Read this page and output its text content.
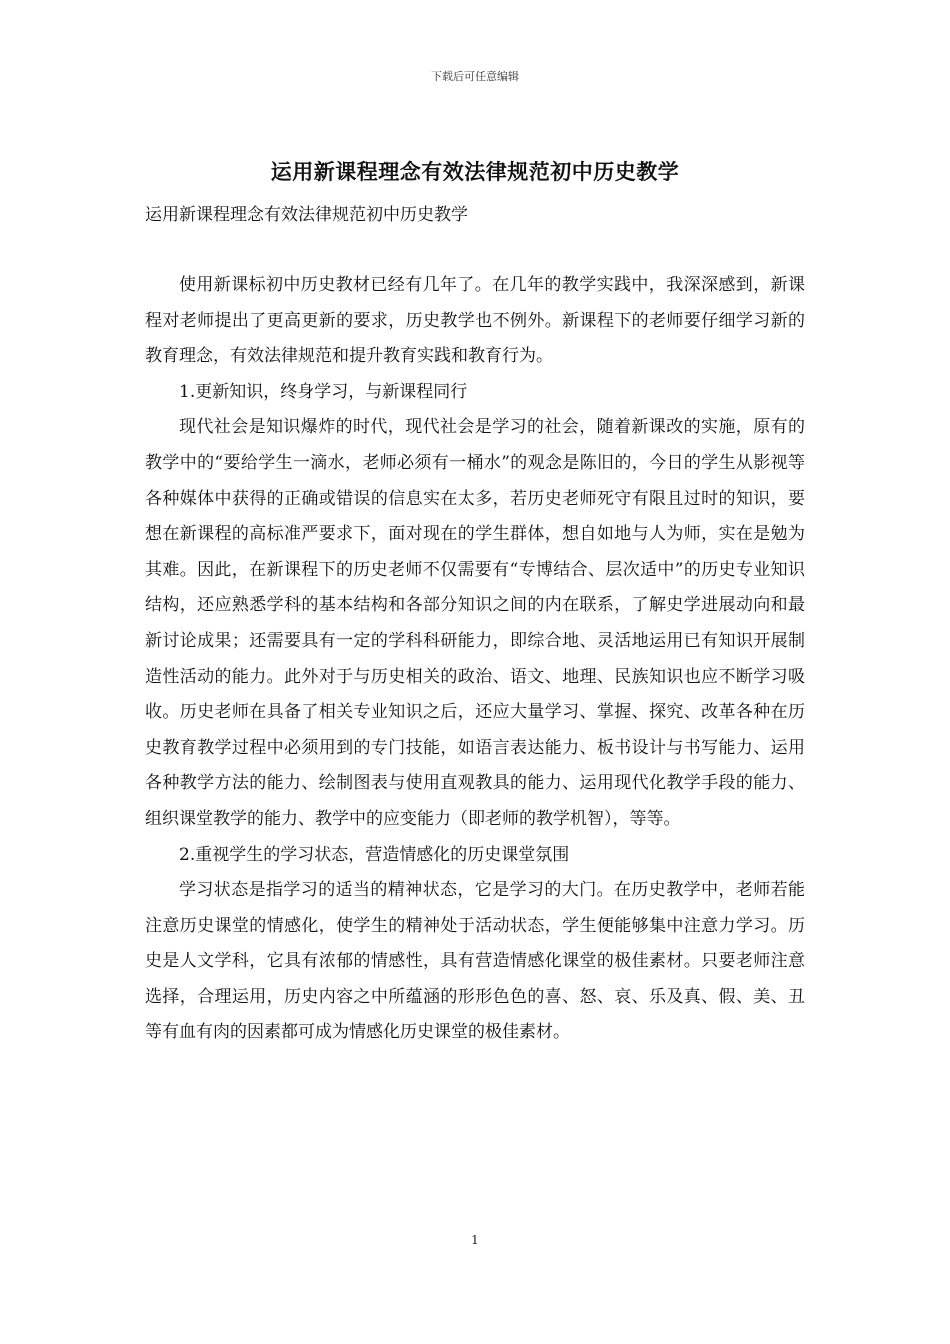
下载后可任意编辑
运用新课程理念有效法律规范初中历史教学

运用新课程理念有效法律规范初中历史教学

使用新课标初中历史教材已经有几年了。在几年的教学实践中，我深深感到，新课程对老师提出了更高更新的要求，历史教学也不例外。新课程下的老师要仔细学习新的教育理念，有效法律规范和提升教育实践和教育行为。

1.更新知识，终身学习，与新课程同行

现代社会是知识爆炸的时代，现代社会是学习的社会，随着新课改的实施，原有的教学中的“要给学生一滴水，老师必须有一桶水”的观念是陈旧的，今日的学生从影视等各种媒体中获得的正确或错误的信息实在太多，若历史老师死守有限且过时的知识，要想在新课程的高标准严要求下，面对现在的学生群体，想自如地与人为师，实在是勉为其难。因此，在新课程下的历史老师不仅需要有“专博结合、层次适中”的历史专业知识结构，还应熟悉学科的基本结构和各部分知识之间的内在联系，了解史学进展动向和最新讨论成果；还需要具有一定的学科科研能力，即综合地、灵活地运用已有知识开展制造性活动的能力。此外对于与历史相关的政治、语文、地理、民族知识也应不断学习吸收。历史老师在具备了相关专业知识之后，还应大量学习、掌握、探究、改革各种在历史教育教学过程中必须用到的专门技能，如语言表达能力、板书设计与书写能力、运用各种教学方法的能力、绘制图表与使用直观教具的能力、运用现代化教学手段的能力、组织课堂教学的能力、教学中的应变能力（即老师的教学机智），等等。

2.重视学生的学习状态，营造情感化的历史课堂氛围

学习状态是指学习的适当的精神状态，它是学习的大门。在历史教学中，老师若能注意历史课堂的情感化，使学生的精神处于活动状态，学生便能够集中注意力学习。历史是人文学科，它具有浓郁的情感性，具有营造情感化课堂的极佳素材。只要老师注意选择，合理运用，历史内容之中所蕴涵的形形色色的喜、怒、哀、乐及真、假、美、丑等有血有肉的因素都可成为情感化历史课堂的极佳素材。

1
